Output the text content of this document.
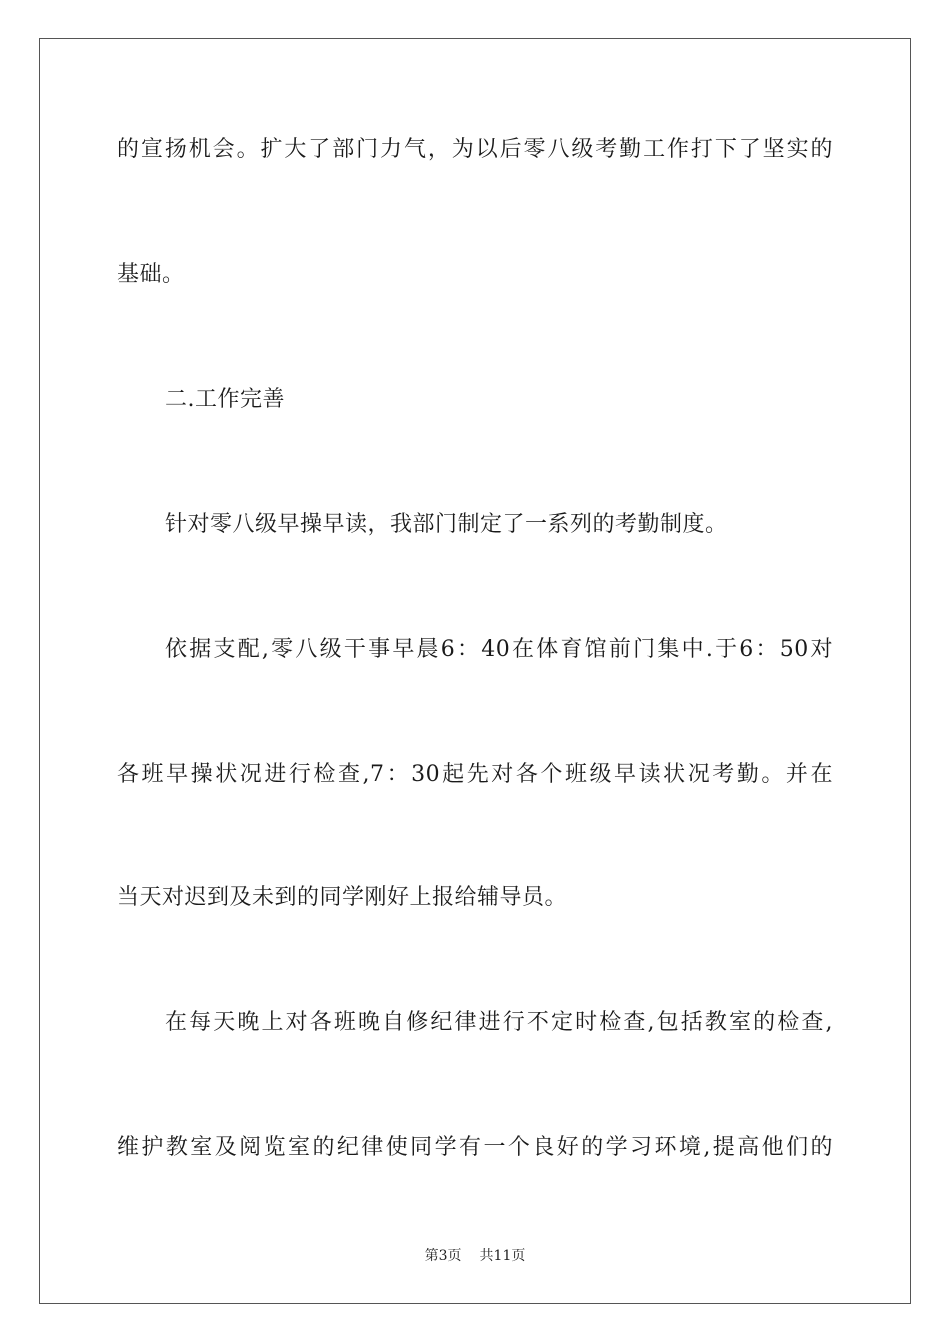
的宣扬机会。扩大了部门力气，为以后零八级考勤工作打下了坚实的
基础。
二.工作完善
针对零八级早操早读，我部门制定了一系列的考勤制度。
依据支配,零八级干事早晨6：40在体育馆前门集中.于6：50对
各班早操状况进行检查,7：30起先对各个班级早读状况考勤。并在
当天对迟到及未到的同学刚好上报给辅导员。
在每天晚上对各班晚自修纪律进行不定时检查,包括教室的检查,
维护教室及阅览室的纪律使同学有一个良好的学习环境,提高他们的
第3页 共11页
